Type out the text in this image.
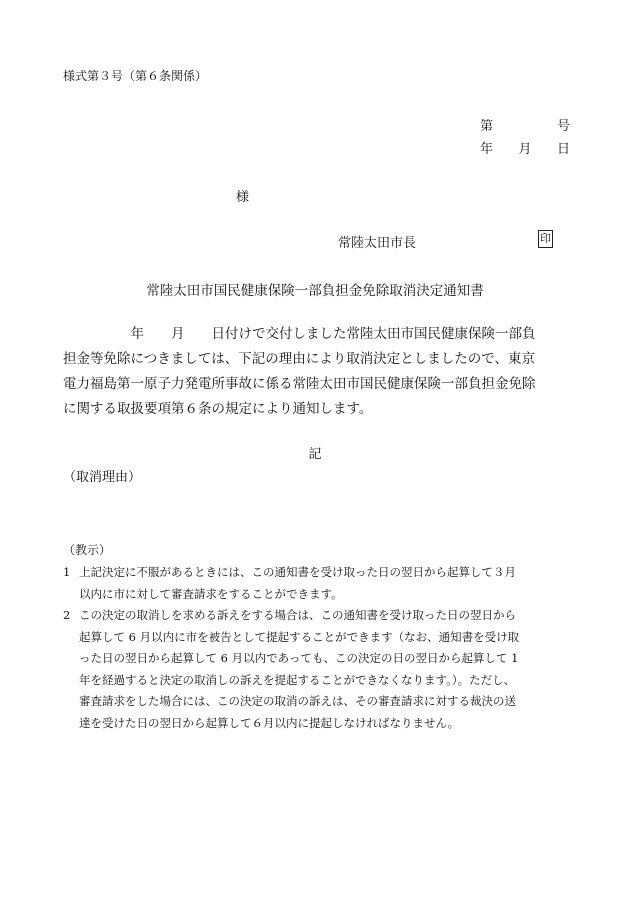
様式第３号（第６条関係）
第	号
年 月 日
様
常陸太田市長	印
常陸太田市国民健康保険一部負担金免除取消決定通知書

　　　　　年　　月　　日付けで交付しました常陸太田市国民健康保険一部負

担金等免除につきましては、下記の理由により取消決定としましたので、東京

電力福島第一原子力発電所事故に係る常陸太田市国民健康保険一部負担金免除

に関する取扱要項第６条の規定により通知します。

記
（取消理由）
（教示）
1 上記決定に不服があるときには、この通知書を受け取った日の翌日から起算して３月
以内に市に対して審査請求をすることができます。
2 この決定の取消しを求める訴えをする場合は、この通知書を受け取った日の翌日から
起算して 6 月以内に市を被告として提起することができます（なお、通知書を受け取
った日の翌日から起算して 6 月以内であっても、この決定の日の翌日から起算して 1
年を経過すると決定の取消しの訴えを提起することができなくなります。）。ただし、
審査請求をした場合には、この決定の取消の訴えは、その審査請求に対する裁決の送
達を受けた日の翌日から起算して６月以内に提起しなければなりません。
